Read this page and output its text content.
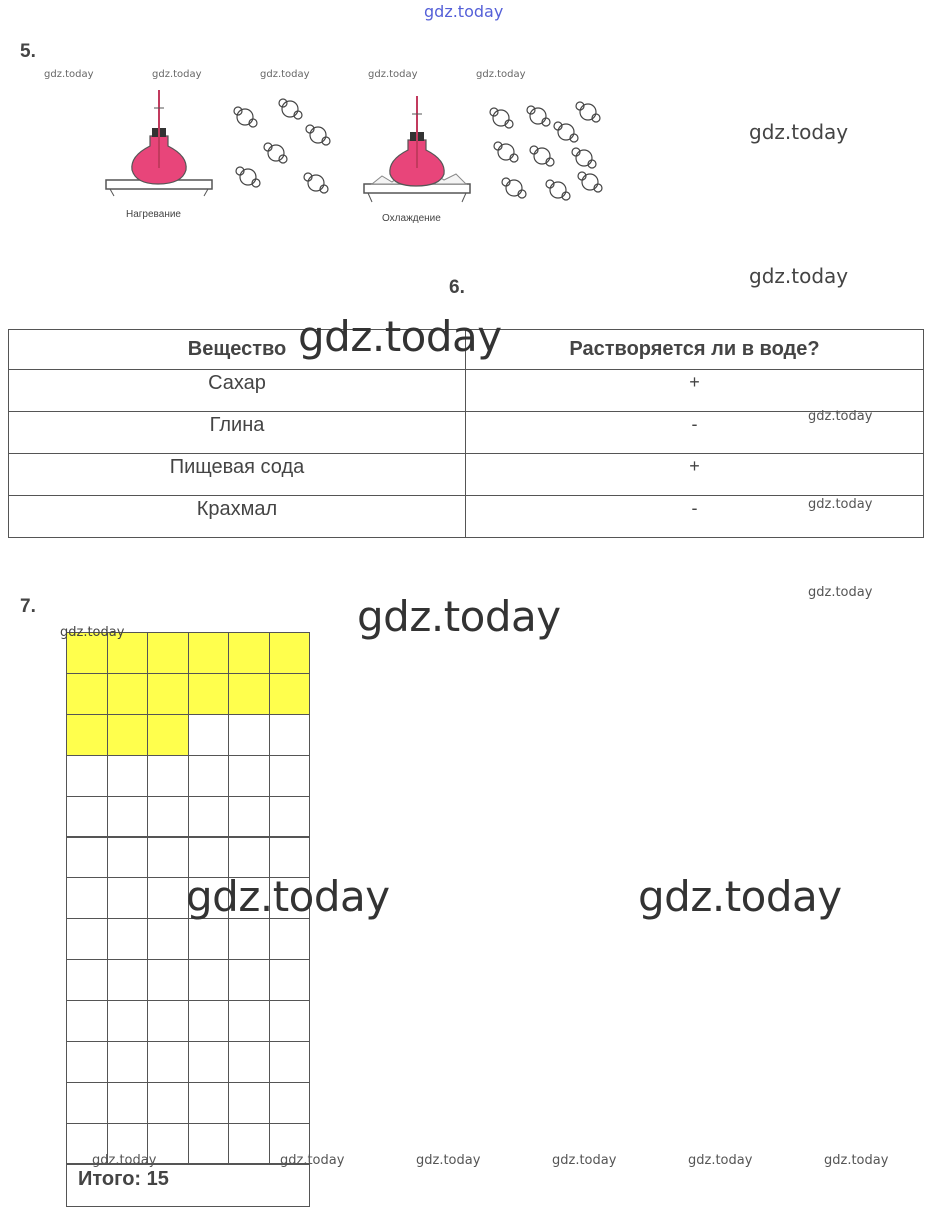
gdz.today
5.
gdz.today	gdz.today	gdz.today	gdz.today	gdz.today
gdz.today
Нагревание	Охлаждение
gdz.today
6.
Вещество	Растворяется ли в воде?
Сахар	+
Глина	-
Пищевая сода	+
Крахмал	-
gdz.today
gdz.today
gdz.today
7.
gdz.today
gdz.today
gdz.today
gdz.today	gdz.today
Итого: 15
gdz.today	gdz.today	gdz.today	gdz.today	gdz.today	gdz.today
